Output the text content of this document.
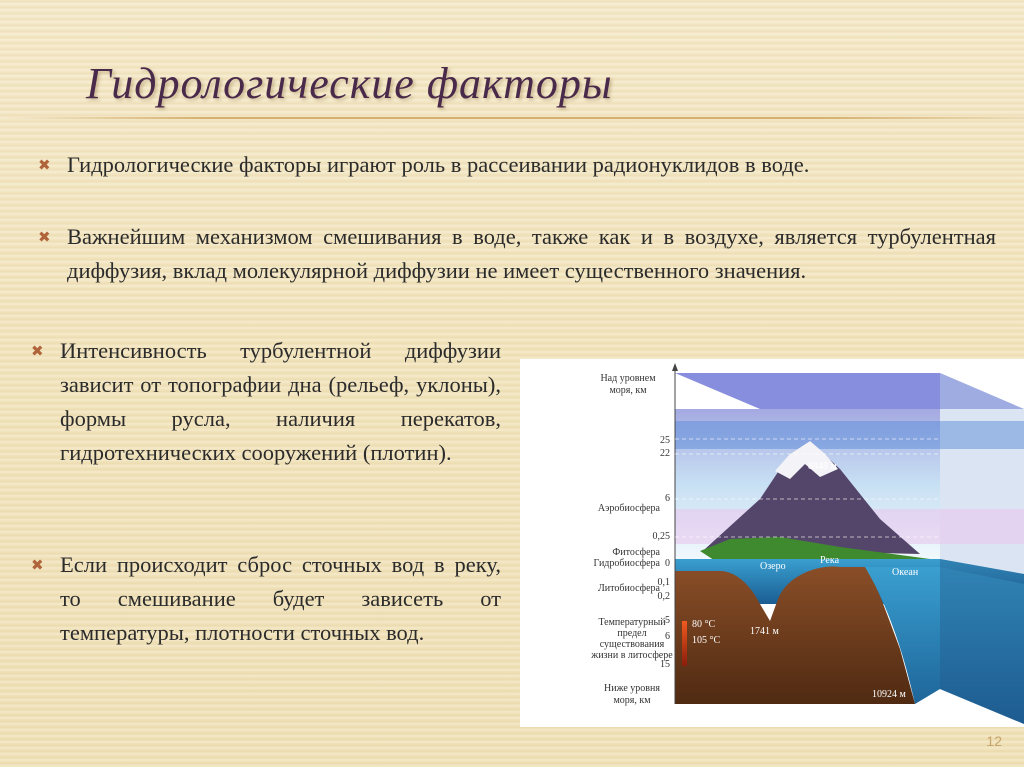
Гидрологические факторы
✖ Гидрологические факторы играют роль в рассеивании радионуклидов в воде.
✖ Важнейшим механизмом смешивания в воде, также как и в воздухе, является турбулентная диффузия, вклад молекулярной диффузии не имеет существенного значения.
✖ Интенсивность турбулентной диффузии зависит от топографии дна (рельеф, уклоны), формы русла, наличия перекатов, гидротехнических сооружений (плотин).
✖ Если происходит сброс сточных вод в реку, то смешивание будет зависеть от температуры, плотности сточных вод.
Над уровнем моря, км
Аэробиосфера
Фитосфера
Гидробиосфера
Литобиосфера
Температурный предел существования жизни в литосфере
Ниже уровня моря, км
25
22
6
0,25
0
0,1
0,2
5
6
15
8848 м
Озеро
Река
Океан
1741 м
10924 м
80 °C
105 °C
12
